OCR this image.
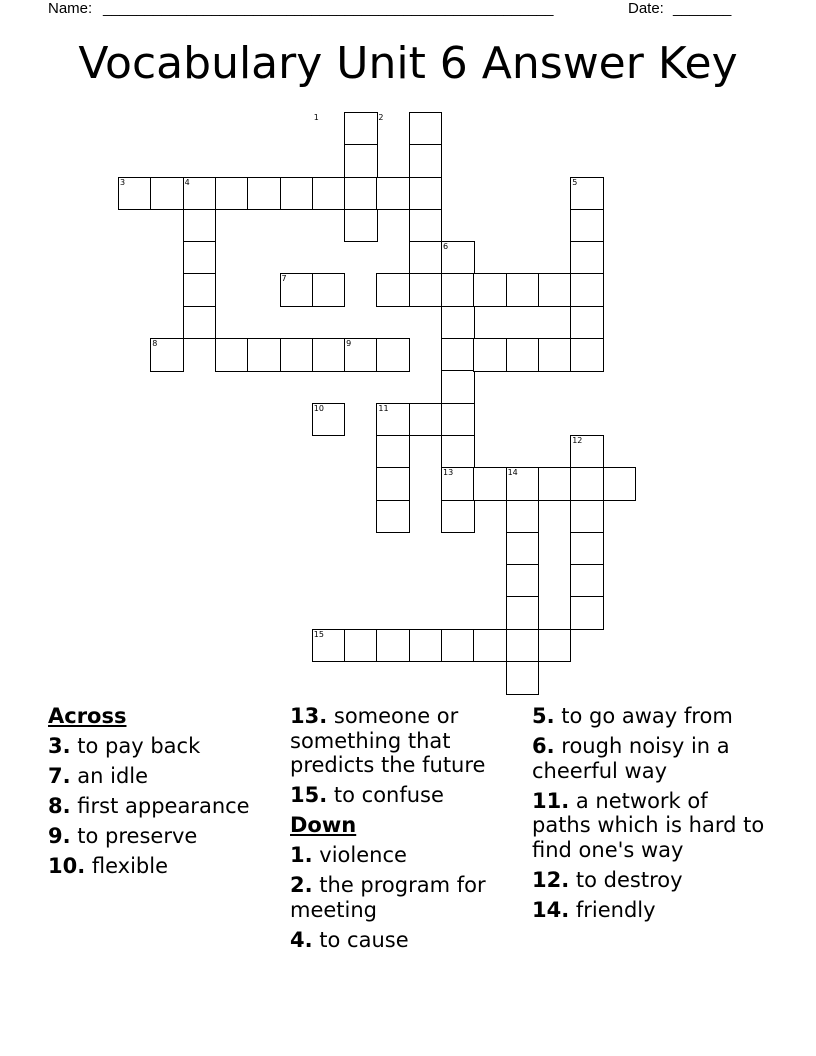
Name: ______________________________________________________	Date: _______
Vocabulary Unit 6 Answer Key
1	2
3	4	5
6
7
8	9
10	11
12
13	14
15
Across
3. to pay back
7. an idle
8. first appearance
9. to preserve
10. flexible
13. someone or something that predicts the future
15. to confuse
Down
1. violence
2. the program for meeting
4. to cause
5. to go away from
6. rough noisy in a cheerful way
11. a network of paths which is hard to find one's way
12. to destroy
14. friendly
